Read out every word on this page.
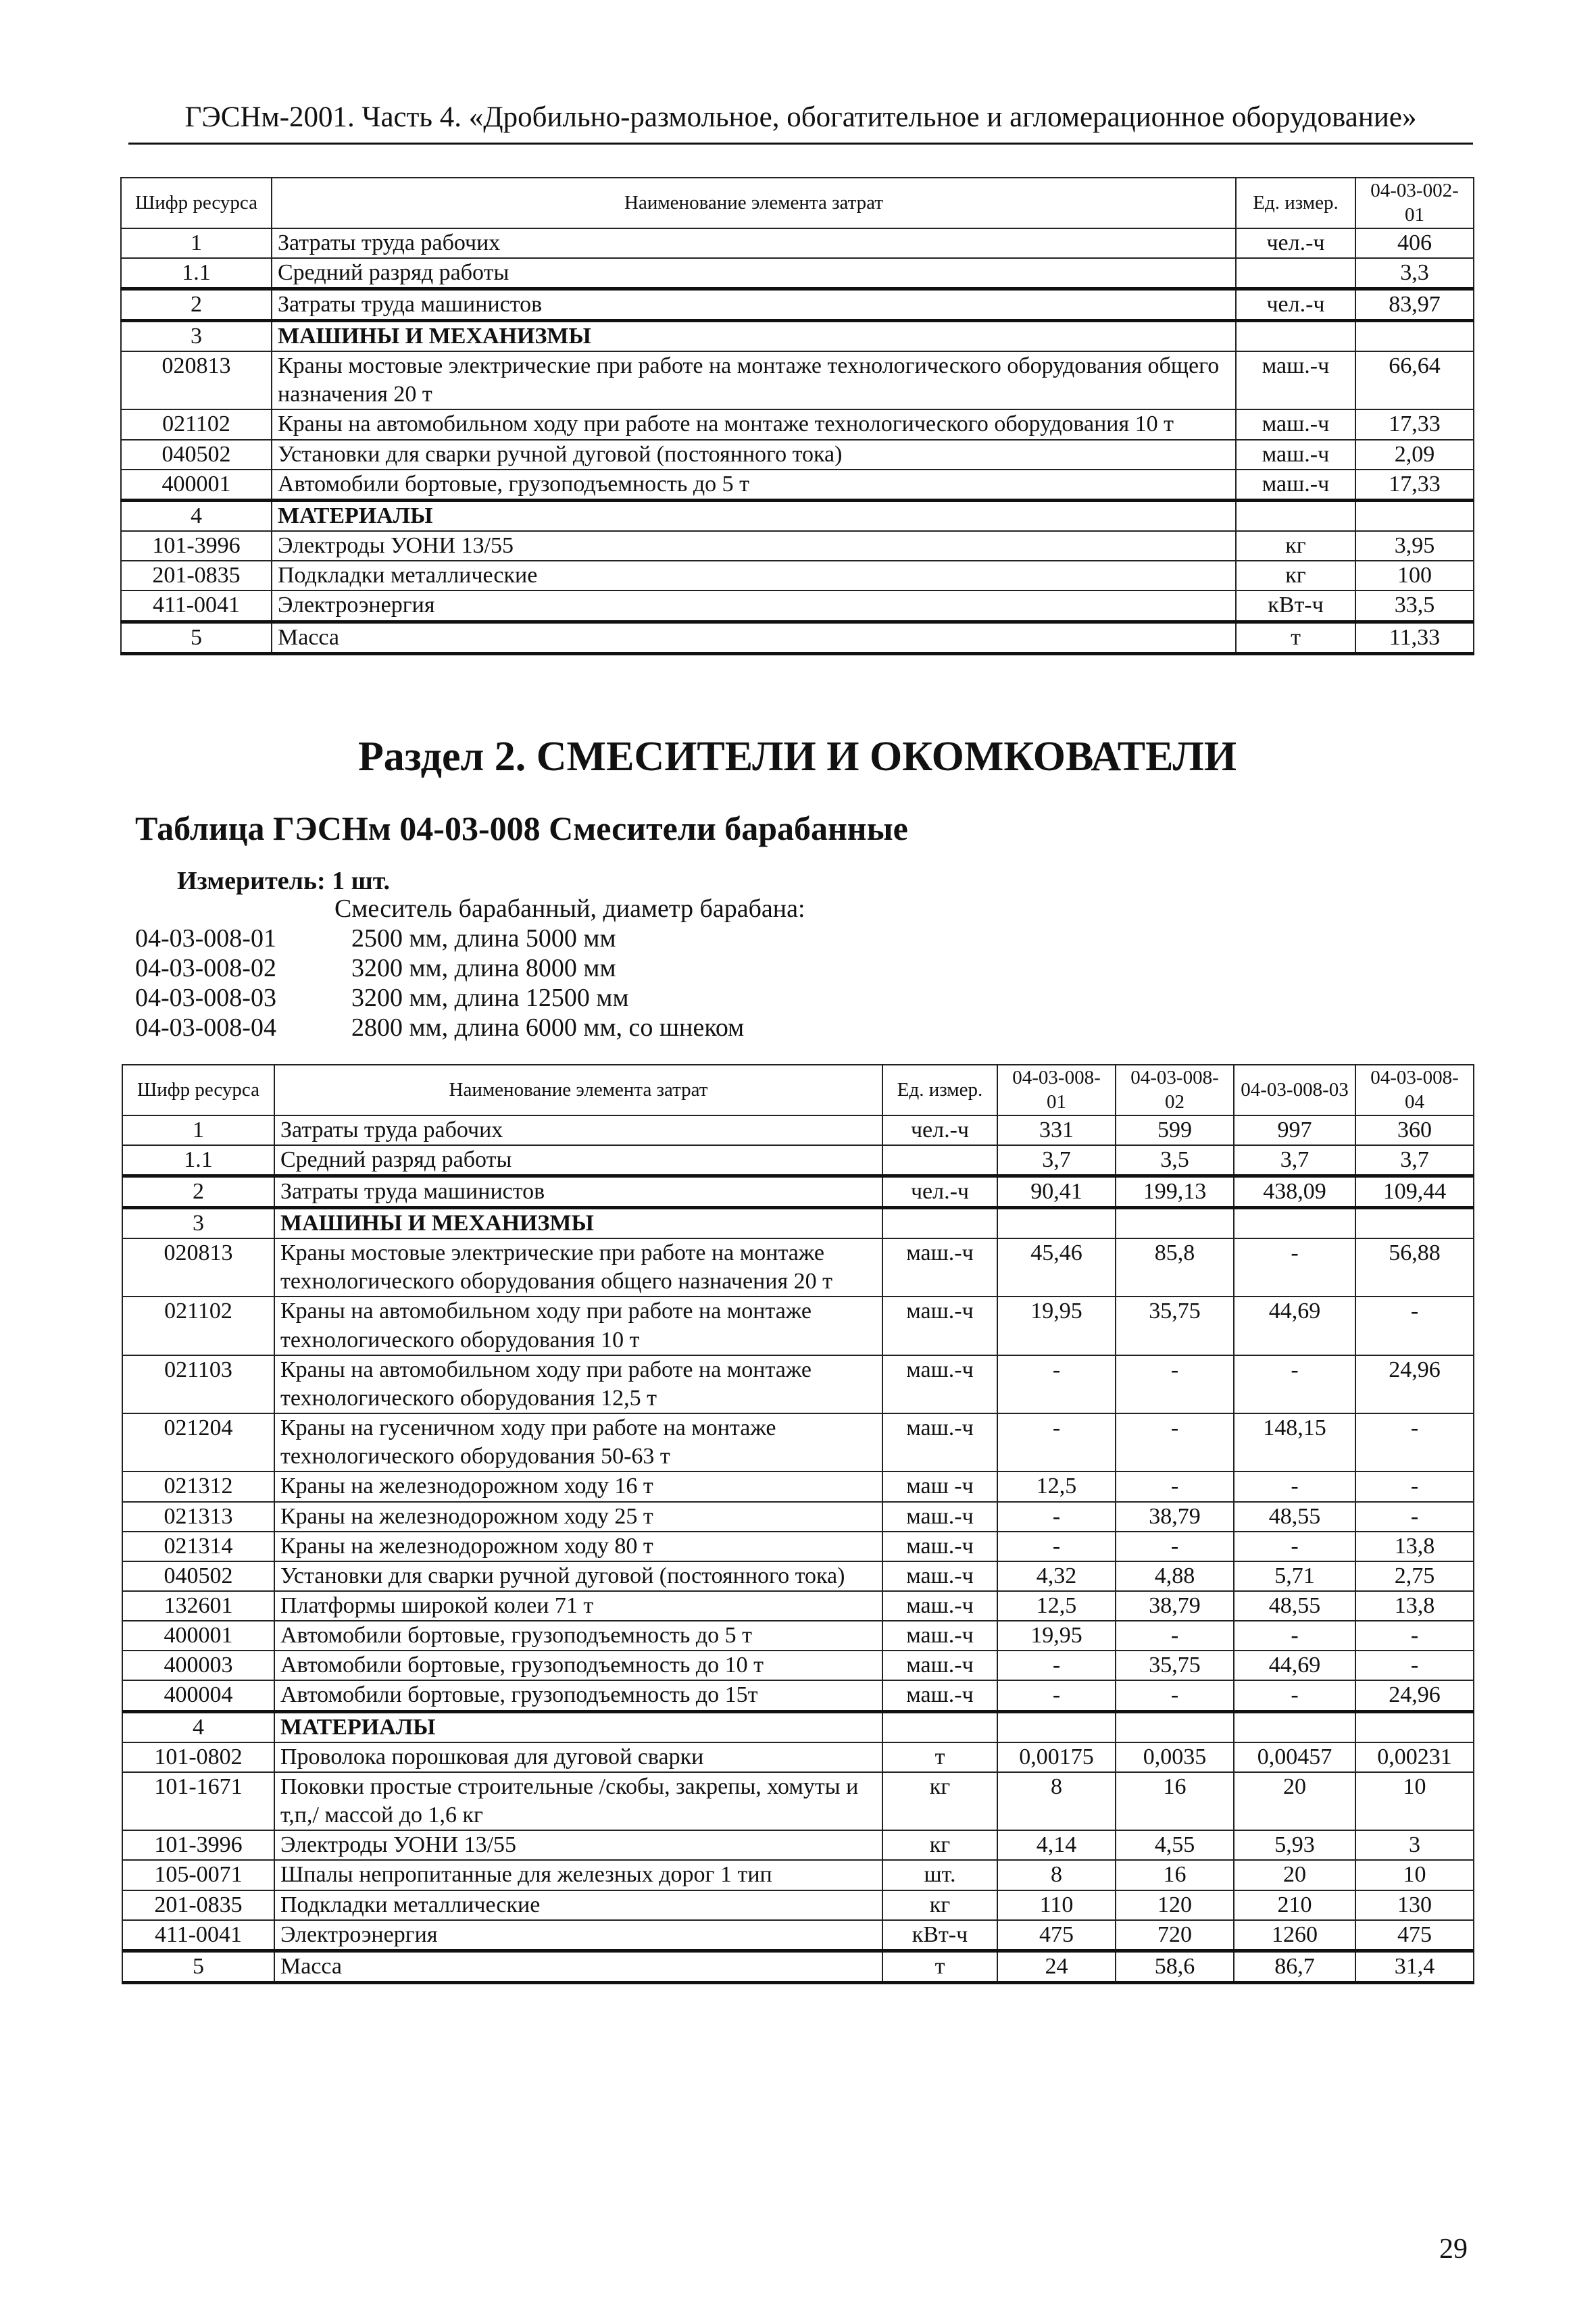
ГЭСНм-2001. Часть 4. «Дробильно-размольное, обогатительное и агломерационное оборудование»
Шифр ресурса	Наименование элемента затрат	Ед. измер.	04-03-002-01
1	Затраты труда рабочих	чел.-ч	406
1.1	Средний разряд работы		3,3
2	Затраты труда машинистов	чел.-ч	83,97
3	МАШИНЫ И МЕХАНИЗМЫ		
020813	Краны мостовые электрические при работе на монтаже технологического оборудования общего назначения 20 т	маш.-ч	66,64
021102	Краны на автомобильном ходу при работе на монтаже технологического оборудования 10 т	маш.-ч	17,33
040502	Установки для сварки ручной дуговой (постоянного тока)	маш.-ч	2,09
400001	Автомобили бортовые, грузоподъемность до 5 т	маш.-ч	17,33
4	МАТЕРИАЛЫ		
101-3996	Электроды УОНИ 13/55	кг	3,95
201-0835	Подкладки металлические	кг	100
411-0041	Электроэнергия	кВт-ч	33,5
5	Масса	т	11,33
Раздел 2. СМЕСИТЕЛИ И ОКОМКОВАТЕЛИ
Таблица ГЭСНм 04-03-008 Смесители барабанные
Измеритель: 1 шт.
Смеситель барабанный, диаметр барабана:
04-03-008-01	2500 мм, длина 5000 мм
04-03-008-02	3200 мм, длина 8000 мм
04-03-008-03	3200 мм, длина 12500 мм
04-03-008-04	2800 мм, длина 6000 мм, со шнеком
Шифр ресурса	Наименование элемента затрат	Ед. измер.	04-03-008-01	04-03-008-02	04-03-008-03	04-03-008-04
1	Затраты труда рабочих	чел.-ч	331	599	997	360
1.1	Средний разряд работы		3,7	3,5	3,7	3,7
2	Затраты труда машинистов	чел.-ч	90,41	199,13	438,09	109,44
3	МАШИНЫ И МЕХАНИЗМЫ					
020813	Краны мостовые электрические при работе на монтаже технологического оборудования общего назначения 20 т	маш.-ч	45,46	85,8	-	56,88
021102	Краны на автомобильном ходу при работе на монтаже технологического оборудования 10 т	маш.-ч	19,95	35,75	44,69	-
021103	Краны на автомобильном ходу при работе на монтаже технологического оборудования 12,5 т	маш.-ч	-	-	-	24,96
021204	Краны на гусеничном ходу при работе на монтаже технологического оборудования 50-63 т	маш.-ч	-	-	148,15	-
021312	Краны на железнодорожном ходу 16 т	маш -ч	12,5	-	-	-
021313	Краны на железнодорожном ходу 25 т	маш.-ч	-	38,79	48,55	-
021314	Краны на железнодорожном ходу 80 т	маш.-ч	-	-	-	13,8
040502	Установки для сварки ручной дуговой (постоянного тока)	маш.-ч	4,32	4,88	5,71	2,75
132601	Платформы широкой колеи 71 т	маш.-ч	12,5	38,79	48,55	13,8
400001	Автомобили бортовые, грузоподъемность до 5 т	маш.-ч	19,95	-	-	-
400003	Автомобили бортовые, грузоподъемность до 10 т	маш.-ч	-	35,75	44,69	-
400004	Автомобили бортовые, грузоподъемность до 15т	маш.-ч	-	-	-	24,96
4	МАТЕРИАЛЫ					
101-0802	Проволока порошковая для дуговой сварки	т	0,00175	0,0035	0,00457	0,00231
101-1671	Поковки простые строительные /скобы, закрепы, хомуты и т,п,/ массой до 1,6 кг	кг	8	16	20	10
101-3996	Электроды УОНИ 13/55	кг	4,14	4,55	5,93	3
105-0071	Шпалы непропитанные для железных дорог 1 тип	шт.	8	16	20	10
201-0835	Подкладки металлические	кг	110	120	210	130
411-0041	Электроэнергия	кВт-ч	475	720	1260	475
5	Масса	т	24	58,6	86,7	31,4
29
